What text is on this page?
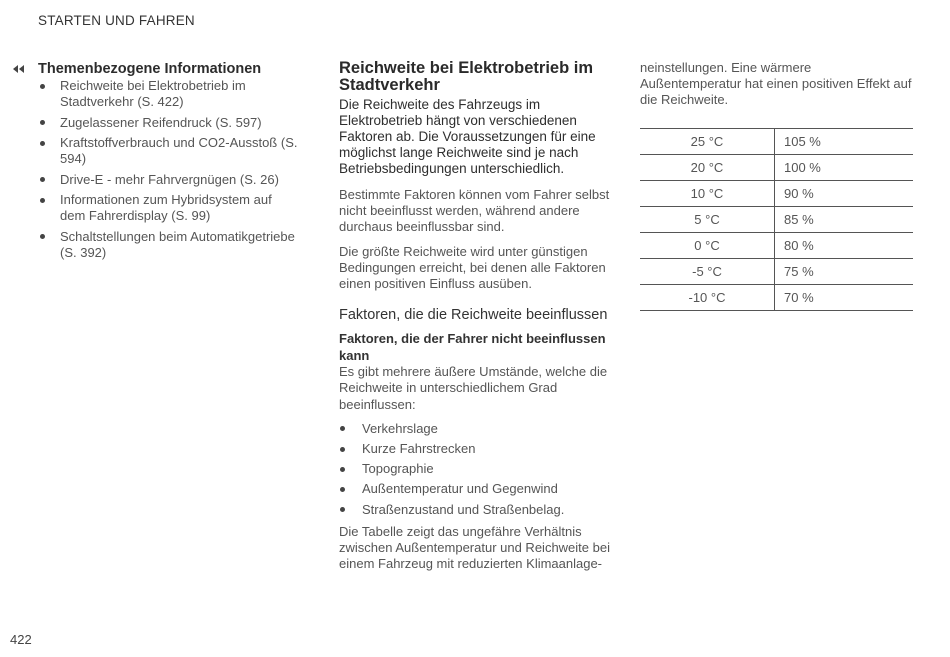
STARTEN UND FAHREN
Themenbezogene Informationen
Reichweite bei Elektrobetrieb im Stadtverkehr (S. 422)
Zugelassener Reifendruck (S. 597)
Kraftstoffverbrauch und CO2-Ausstoß (S. 594)
Drive-E - mehr Fahrvergnügen (S. 26)
Informationen zum Hybridsystem auf dem Fahrerdisplay (S. 99)
Schaltstellungen beim Automatikgetriebe (S. 392)
Reichweite bei Elektrobetrieb im Stadtverkehr

Die Reichweite des Fahrzeugs im Elektrobetrieb hängt von verschiedenen Faktoren ab. Die Voraussetzungen für eine möglichst lange Reichweite sind je nach Betriebsbedingungen unterschiedlich.

Bestimmte Faktoren können vom Fahrer selbst nicht beeinflusst werden, während andere durchaus beeinflussbar sind.

Die größte Reichweite wird unter günstigen Bedingungen erreicht, bei denen alle Faktoren einen positiven Einfluss ausüben.

Faktoren, die die Reichweite beeinflussen
Faktoren, die der Fahrer nicht beeinflussen kann

Es gibt mehrere äußere Umstände, welche die Reichweite in unterschiedlichem Grad beeinflussen:

Verkehrslage
Kurze Fahrstrecken
Topographie
Außentemperatur und Gegenwind
Straßenzustand und Straßenbelag.

Die Tabelle zeigt das ungefähre Verhältnis zwischen Außentemperatur und Reichweite bei einem Fahrzeug mit reduzierten Klimaanlage-

neinstellungen. Eine wärmere Außentemperatur hat einen positiven Effekt auf die Reichweite.

25 °C	105 %
20 °C	100 %
10 °C	90 %
5 °C	85 %
0 °C	80 %
-5 °C	75 %
-10 °C	70 %
422
